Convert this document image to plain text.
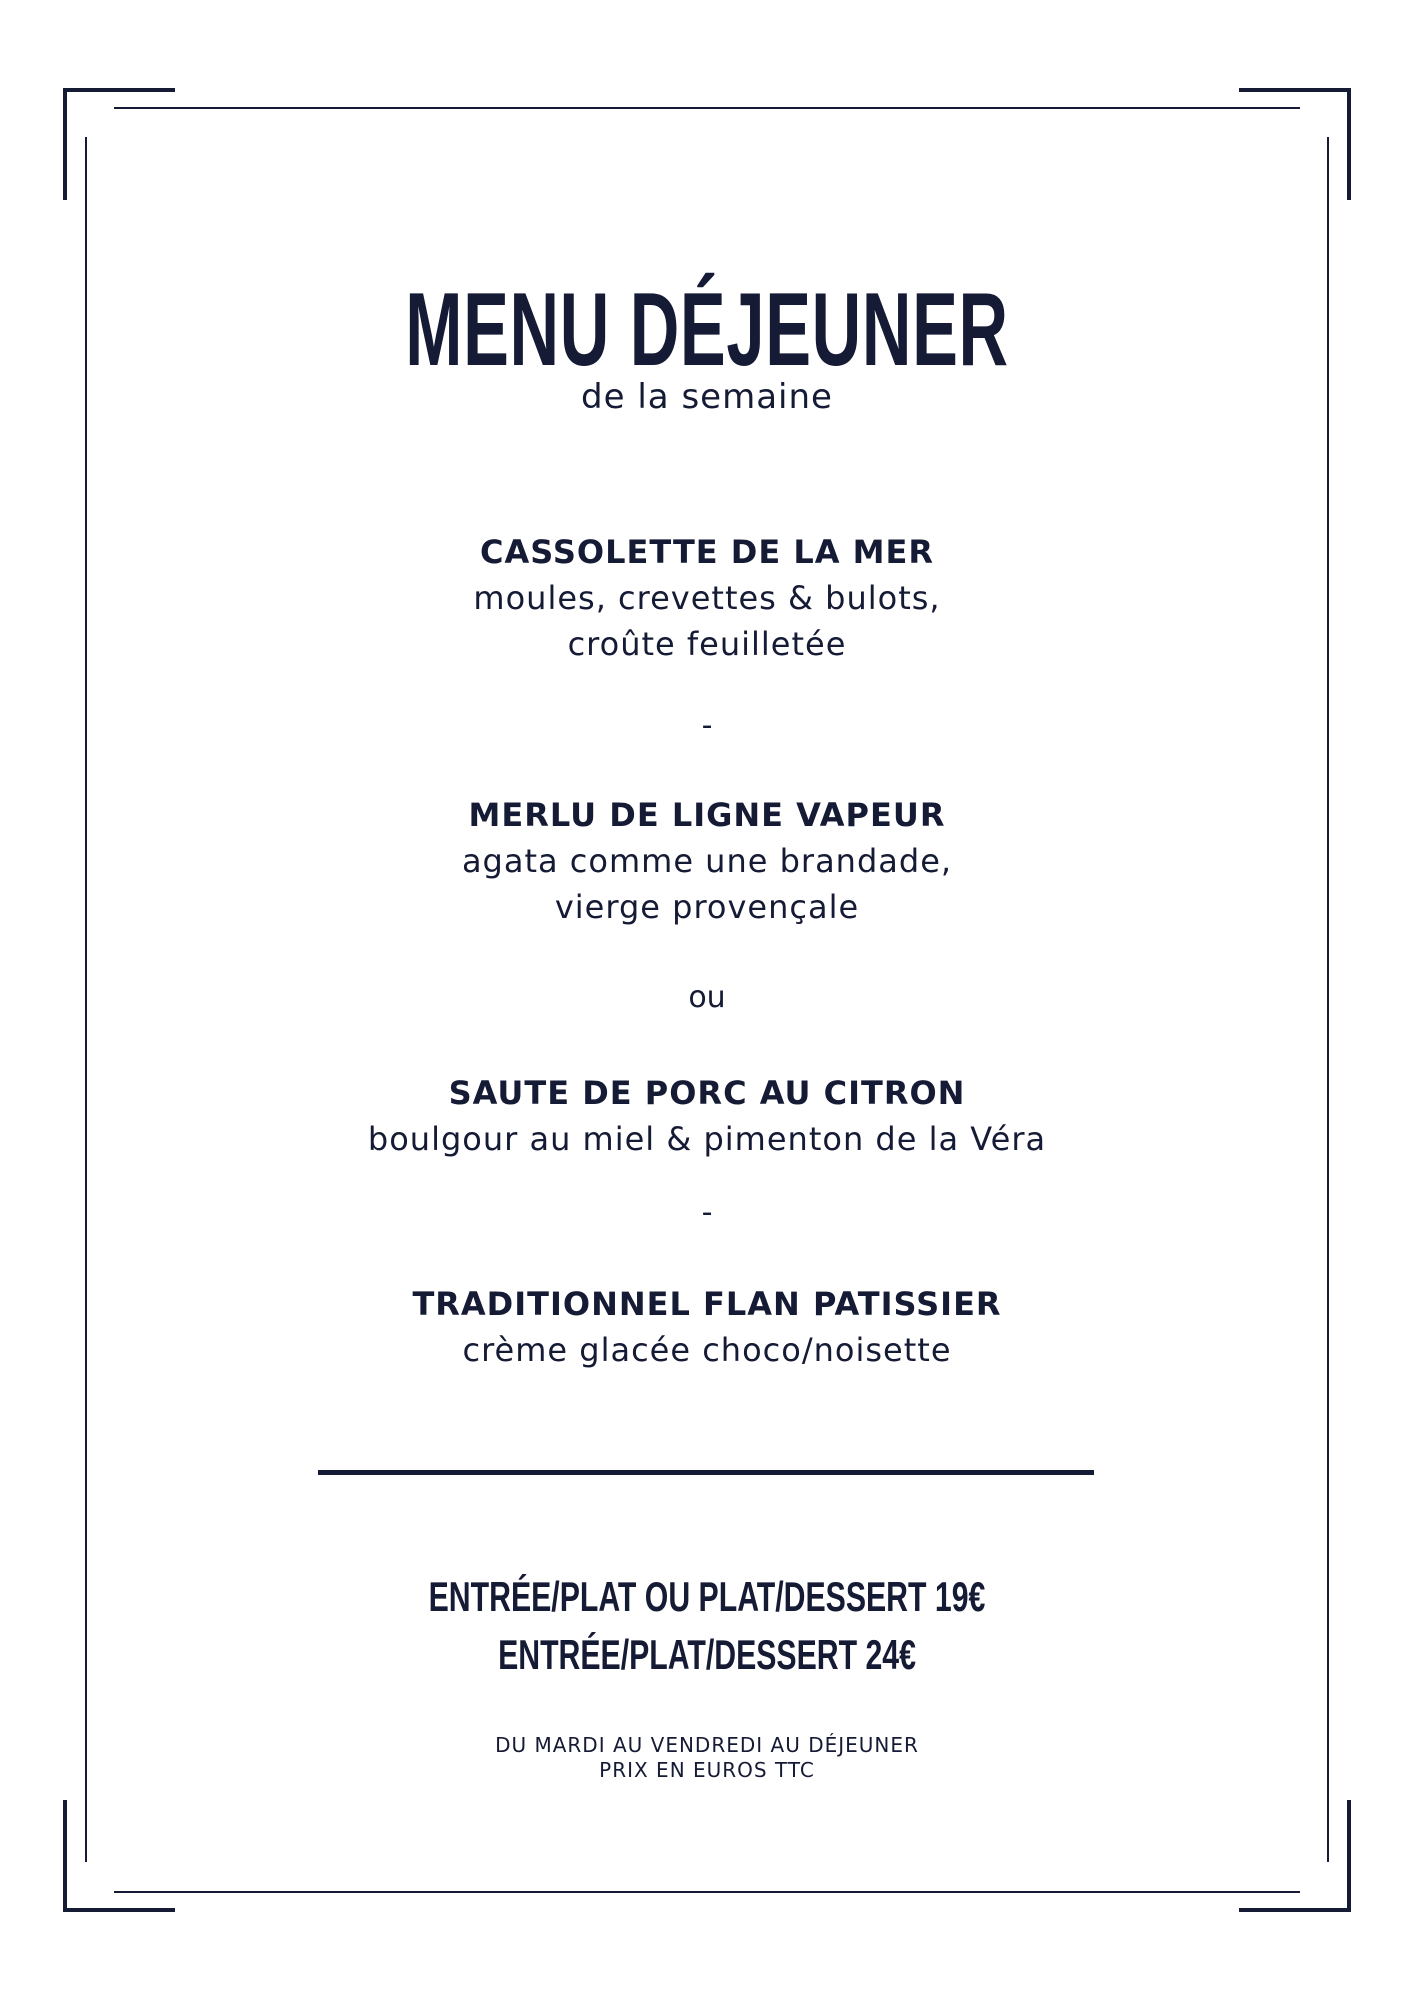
MENU DÉJEUNER
de la semaine
CASSOLETTE DE LA MER
moules, crevettes & bulots,
croûte feuilletée
-
MERLU DE LIGNE VAPEUR
agata comme une brandade,
vierge provençale
ou
SAUTE DE PORC AU CITRON
boulgour au miel & pimenton de la Véra
-
TRADITIONNEL FLAN PATISSIER
crème glacée choco/noisette
ENTRÉE/PLAT OU PLAT/DESSERT 19€
ENTRÉE/PLAT/DESSERT 24€
DU MARDI AU VENDREDI AU DÉJEUNER
PRIX EN EUROS TTC
